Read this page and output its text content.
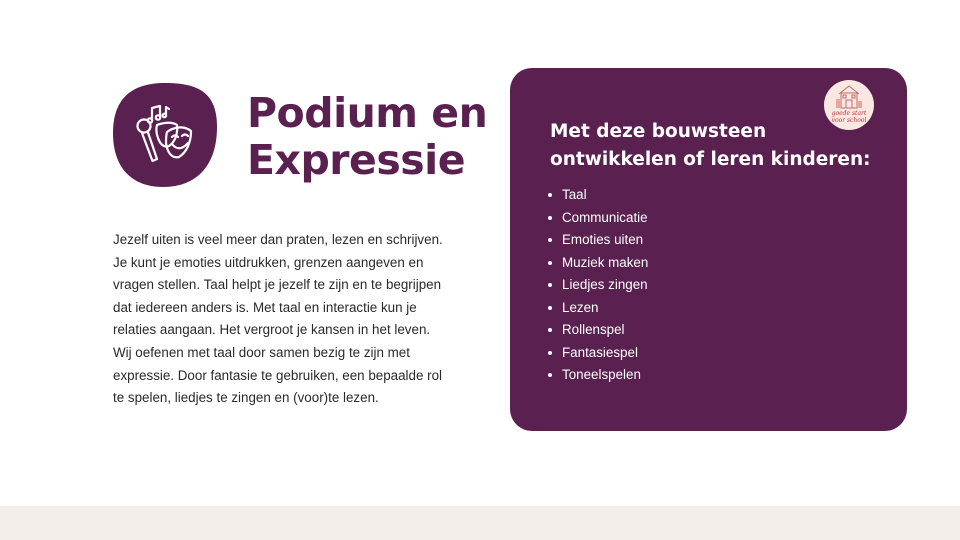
Podium en
Expressie

Jezelf uiten is veel meer dan praten, lezen en schrijven. Je kunt je emoties uitdrukken, grenzen aangeven en vragen stellen. Taal helpt je jezelf te zijn en te begrijpen dat iedereen anders is. Met taal en interactie kun je relaties aangaan. Het vergroot je kansen in het leven. Wij oefenen met taal door samen bezig te zijn met expressie. Door fantasie te gebruiken, een bepaalde rol te spelen, liedjes te zingen en (voor)te lezen.

goede start
voor school
Met deze bouwsteen
ontwikkelen of leren kinderen:
Taal
Communicatie
Emoties uiten
Muziek maken
Liedjes zingen
Lezen
Rollenspel
Fantasiespel
Toneelspelen
